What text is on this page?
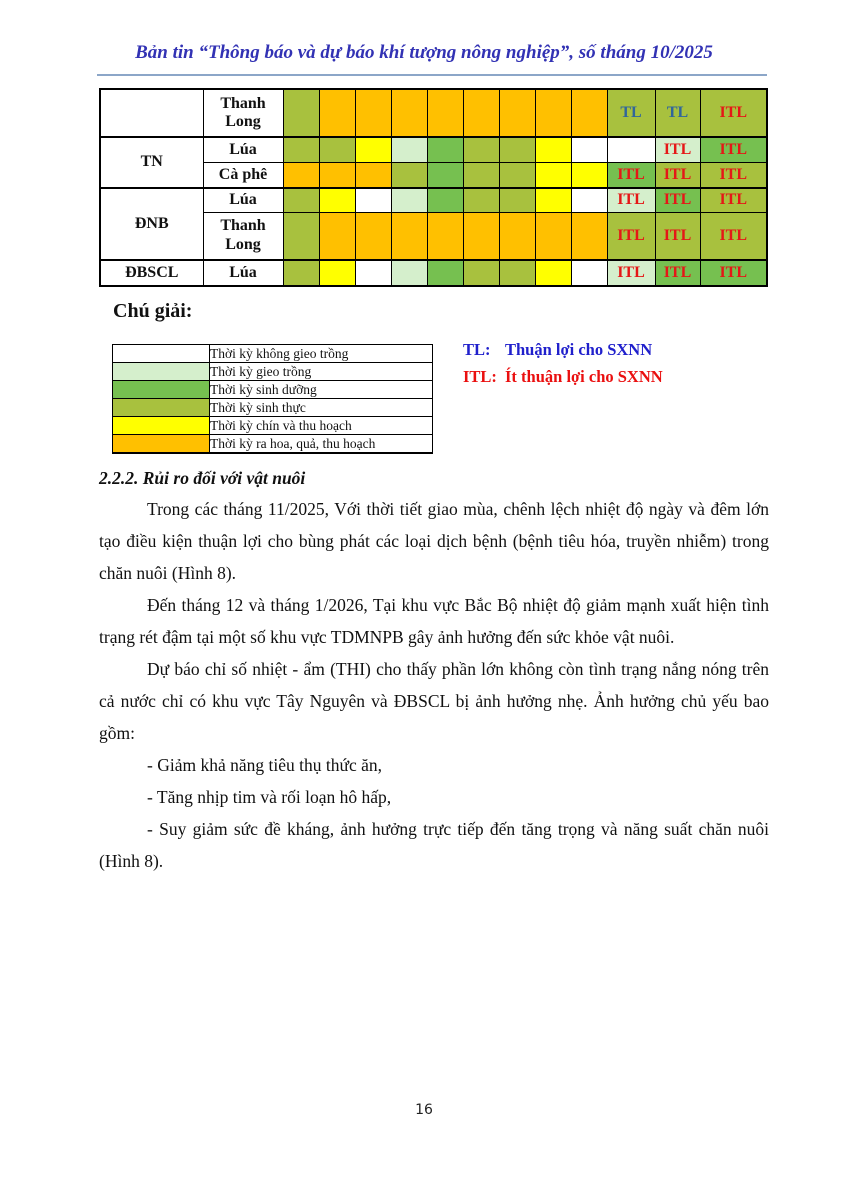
Bản tin “Thông báo và dự báo khí tượng nông nghiệp”, số tháng 10/2025
	Thanh Long										TL	TL	ITL
TN	Lúa											ITL	ITL
	Cà phê										ITL	ITL	ITL
ĐNB	Lúa										ITL	ITL	ITL
	Thanh Long										ITL	ITL	ITL
ĐBSCL	Lúa										ITL	ITL	ITL
Chú giải:
	Thời kỳ không gieo trồng
	Thời kỳ gieo trồng
	Thời kỳ sinh dưỡng
	Thời kỳ sinh thực
	Thời kỳ chín và thu hoạch
	Thời kỳ ra hoa, quả, thu hoạch
TL: Thuận lợi cho SXNN
ITL: Ít thuận lợi cho SXNN
2.2.2. Rủi ro đối với vật nuôi

Trong các tháng 11/2025, Với thời tiết giao mùa, chênh lệch nhiệt độ ngày và đêm lớn tạo điều kiện thuận lợi cho bùng phát các loại dịch bệnh (bệnh tiêu hóa, truyền nhiễm) trong chăn nuôi (Hình 8).

Đến tháng 12 và tháng 1/2026, Tại khu vực Bắc Bộ nhiệt độ giảm mạnh xuất hiện tình trạng rét đậm tại một số khu vực TDMNPB gây ảnh hưởng đến sức khỏe vật nuôi.

Dự báo chỉ số nhiệt - ẩm (THI) cho thấy phần lớn không còn tình trạng nắng nóng trên cả nước chỉ có khu vực Tây Nguyên và ĐBSCL bị ảnh hưởng nhẹ. Ảnh hưởng chủ yếu bao gồm:

- Giảm khả năng tiêu thụ thức ăn,

- Tăng nhịp tim và rối loạn hô hấp,

- Suy giảm sức đề kháng, ảnh hưởng trực tiếp đến tăng trọng và năng suất chăn nuôi (Hình 8).

16
